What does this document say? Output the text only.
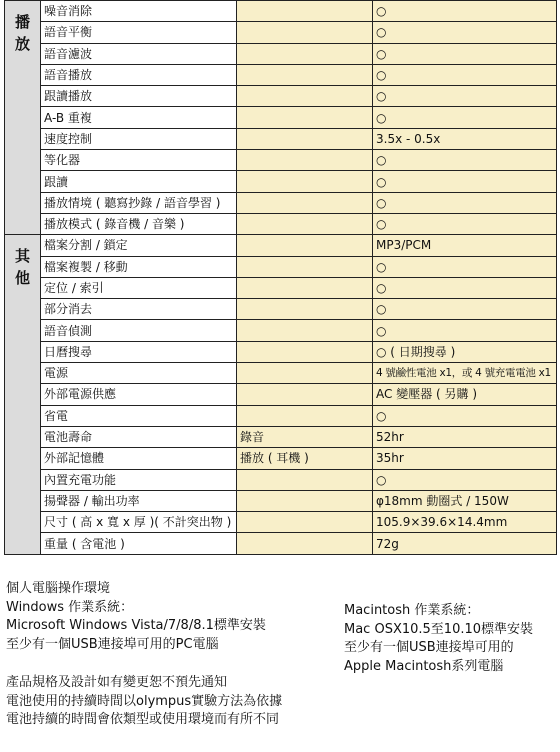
播放	噪音消除		○
	語音平衡		○
	語音濾波		○
	語音播放		○
	跟讀播放		○
	A-B 重複		○
	速度控制		3.5x - 0.5x
	等化器		○
	跟讀		○
	播放情境 ( 聽寫抄錄 / 語音學習 )		○
	播放模式 ( 錄音機 / 音樂 )		○

其他	檔案分割 / 鎖定		MP3/PCM
	檔案複製 / 移動		○
	定位 / 索引		○
	部分消去		○
	語音偵測		○
	日曆搜尋		○ ( 日期搜尋 )
	電源		4 號鹼性電池 x1，或 4 號充電電池 x1
	外部電源供應		AC 變壓器 ( 另購 )
	省電		○
	電池壽命	錄音	52hr
	外部記憶體	播放 ( 耳機 )	35hr
	內置充電功能		○
	揚聲器 / 輸出功率		φ18mm 動圈式 / 150W
	尺寸 ( 高 x 寬 x 厚 )( 不計突出物 )		105.9×39.6×14.4mm
	重量 ( 含電池 )		72g
個人電腦操作環境
Windows 作業系統：
Microsoft Windows Vista/7/8/8.1標準安裝
至少有一個USB連接埠可用的PC電腦
產品規格及設計如有變更恕不預先通知
電池使用的持續時間以olympus實驗方法為依據
電池持續的時間會依類型或使用環境而有所不同
Macintosh 作業系統：
Mac OSX10.5至10.10標準安裝
至少有一個USB連接埠可用的
Apple Macintosh系列電腦
